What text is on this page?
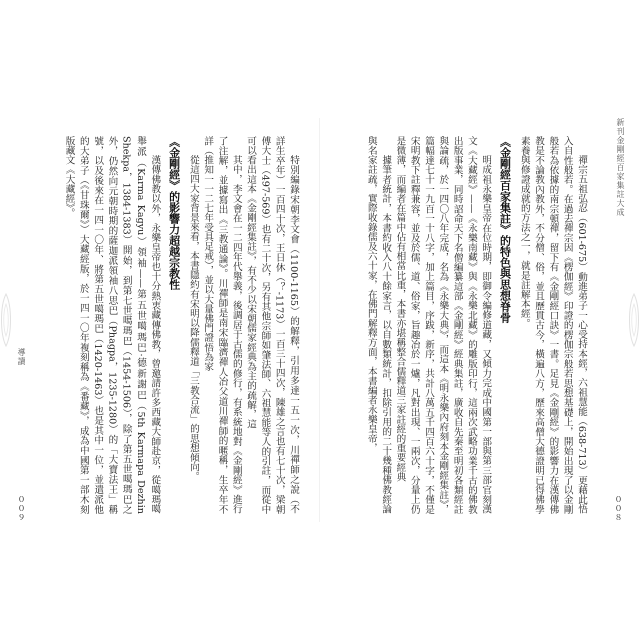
新刊金剛經百家集註大成

禪宗五祖弘忍（601-675）動進弟子一心受持本經，六祖慧能（638-713）更藉此悟入自性般若。在過去禪宗因《楞伽經》印證的楞伽宗般若思想基礎上，開始出現了以金剛般若為依據的南宗頓禪，留下有《金剛經口訣》一書。足見《金剛經》的影響力在漢傳佛教是不論教內教外，不分僧、俗，並且歷貫古今，橫遍八方，歷來高僧大德證明已得佛學素養與修證成就的方法之一，就是註解本經。

《金剛經百家集註》的特色與思想脊骨

明成祖永樂皇帝在位時期，即御令編修道藏，又傾力完成中國第一部與第三部官刻漢文《大藏經》——《永樂南藏》與《永樂北藏》的雕版印行，這兩次武略功業千古的佛教出版事業，同時詔命天下名僧編纂這部《金剛經》經典集註，廣收自先秦至明初各類經註與論疏，於一四〇八年完成，名為《永樂大典》，而這本《明永樂內府刻本金剛經集註》，篇幅達七十一九百一十八字，加上篇目，序跋，新序，共計八萬五千四百六十字，不僅是宋明教下註釋兼容，並及於儒、道、俗家，旨趣冶於一爐，凡對出現、一兩次，分量上仍是微薄，而編者在篇中佔有相當比重，本書亦堪稱整合儒釋道三家註經的重要經典

據筆者統計，本書約收入八十餘家言，以自數類統計，扣除引用的二十幾種佛教經論與名家註疏，實際收錄儒及六十家，在佛門解釋方面，本書編者永樂皇帝，

００８
導讀	特別編錄宋朝李文會（1100-1165）的解釋，引用多達一五一次，川禪師之說（不詳生卒年）一百四十次，王日休（？-1173）一百三十四次，陳雄之言也有七十次，梁朝傅大士（497-569）也有二十次，另有其他宗師如肇法師、六祖慧能等人的引註，而從中可以看出這本《金剛經集註》，有不少以宋朝儒家經典為主的疏解，這

其中，李文會在一二四年代舉義，後調居于古儒的修行，有系統地對《金剛經》進行了注解，並據寫出《三教通論》。川禪師是南宋臨濟禪人冶父道川禪師的暱稱，生卒年不詳（推知一一二七年受具足戒），並以大量佛門證悟為家

從這四大家背景來看，本書隱約有宋明以降儒釋道「三教合流」的思想傾向。

《金剛經》的影響力超越宗教性

漢傳佛教以外，永樂皇帝也十分熱衷藏傳佛教，曾邀請許多西藏大師赴京，從噶瑪噶舉派（Karma Kagyu）領袖——第五世噶瑪巴‧德新謝巴（5th Karmapa Dezhin Shekpa，1384-1383）開始，到第七世噶瑪巴（1454-1506），除了第五世噶瑪巴之外，仍然向元朝時期的薩迦派領袖八思巴（Phagpa，1235-1280）的「大寶法王」稱號，以及後來在一四一〇年、將第五世噶瑪巴（1420-1463）也是其中一位，並遣派他的大弟子（《甘珠爾》）大藏經版，於一四一〇年複刻稱為《番藏》，成為中國第一部木刻版藏文《大藏經》。

００９
